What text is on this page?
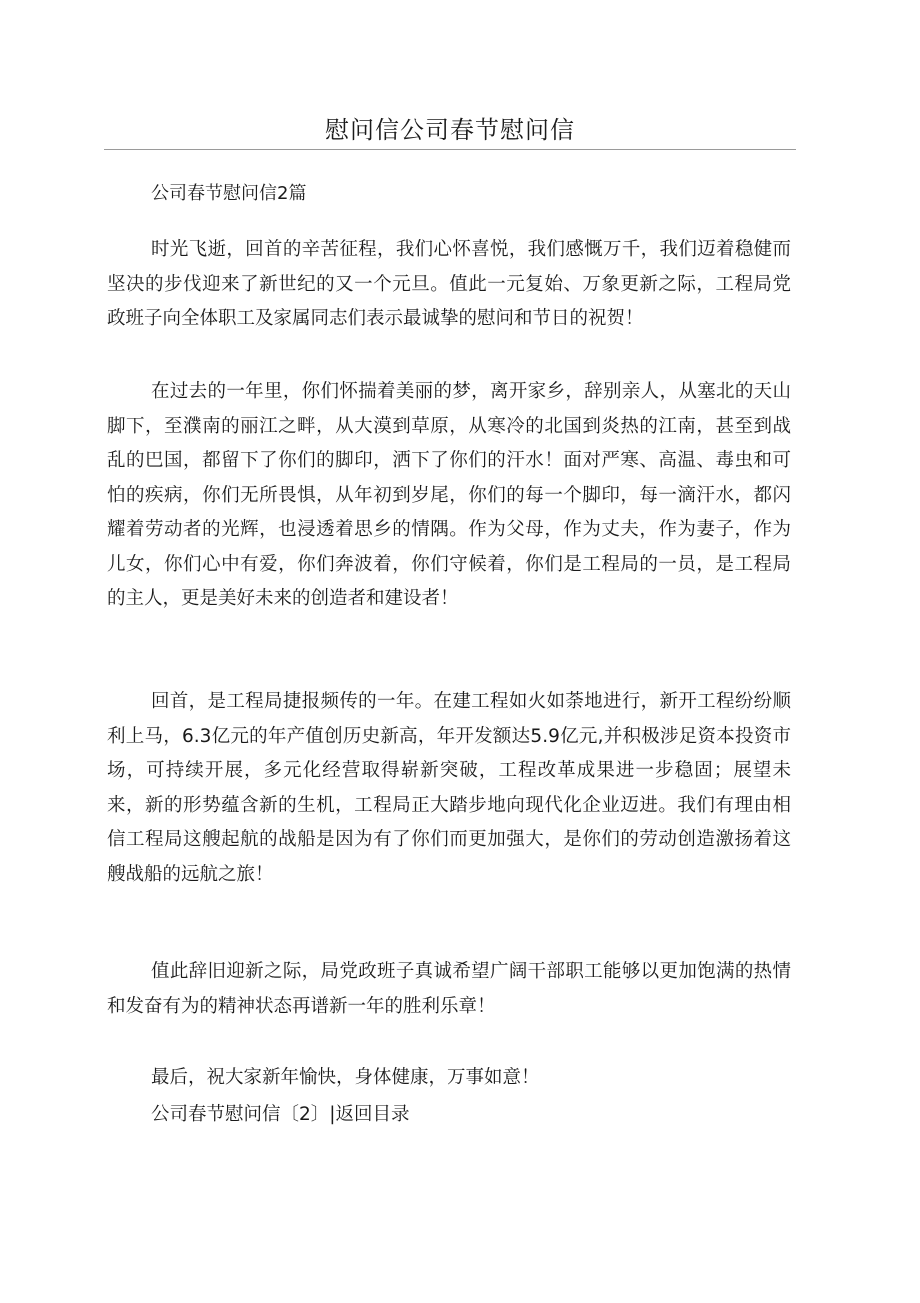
慰问信公司春节慰问信

公司春节慰问信2篇

时光飞逝，回首的辛苦征程，我们心怀喜悦，我们感慨万千，我们迈着稳健而坚决的步伐迎来了新世纪的又一个元旦。值此一元复始、万象更新之际，工程局党政班子向全体职工及家属同志们表示最诚挚的慰问和节日的祝贺！

在过去的一年里，你们怀揣着美丽的梦，离开家乡，辞别亲人，从塞北的天山脚下，至濮南的丽江之畔，从大漠到草原，从寒冷的北国到炎热的江南，甚至到战乱的巴国，都留下了你们的脚印，洒下了你们的汗水！面对严寒、高温、毒虫和可怕的疾病，你们无所畏惧，从年初到岁尾，你们的每一个脚印，每一滴汗水，都闪耀着劳动者的光辉，也浸透着思乡的情隅。作为父母，作为丈夫，作为妻子，作为儿女，你们心中有爱，你们奔波着，你们守候着，你们是工程局的一员，是工程局的主人，更是美好未来的创造者和建设者！

回首，是工程局捷报频传的一年。在建工程如火如荼地进行，新开工程纷纷顺利上马，6.3亿元的年产值创历史新高，年开发额达5.9亿元,并积极涉足资本投资市场，可持续开展，多元化经营取得崭新突破，工程改革成果进一步稳固；展望未来，新的形势蕴含新的生机，工程局正大踏步地向现代化企业迈进。我们有理由相信工程局这艘起航的战船是因为有了你们而更加强大，是你们的劳动创造激扬着这艘战船的远航之旅！

值此辞旧迎新之际，局党政班子真诚希望广阔干部职工能够以更加饱满的热情和发奋有为的精神状态再谱新一年的胜利乐章！

最后，祝大家新年愉快，身体健康，万事如意！

公司春节慰问信〔2〕|返回目录
